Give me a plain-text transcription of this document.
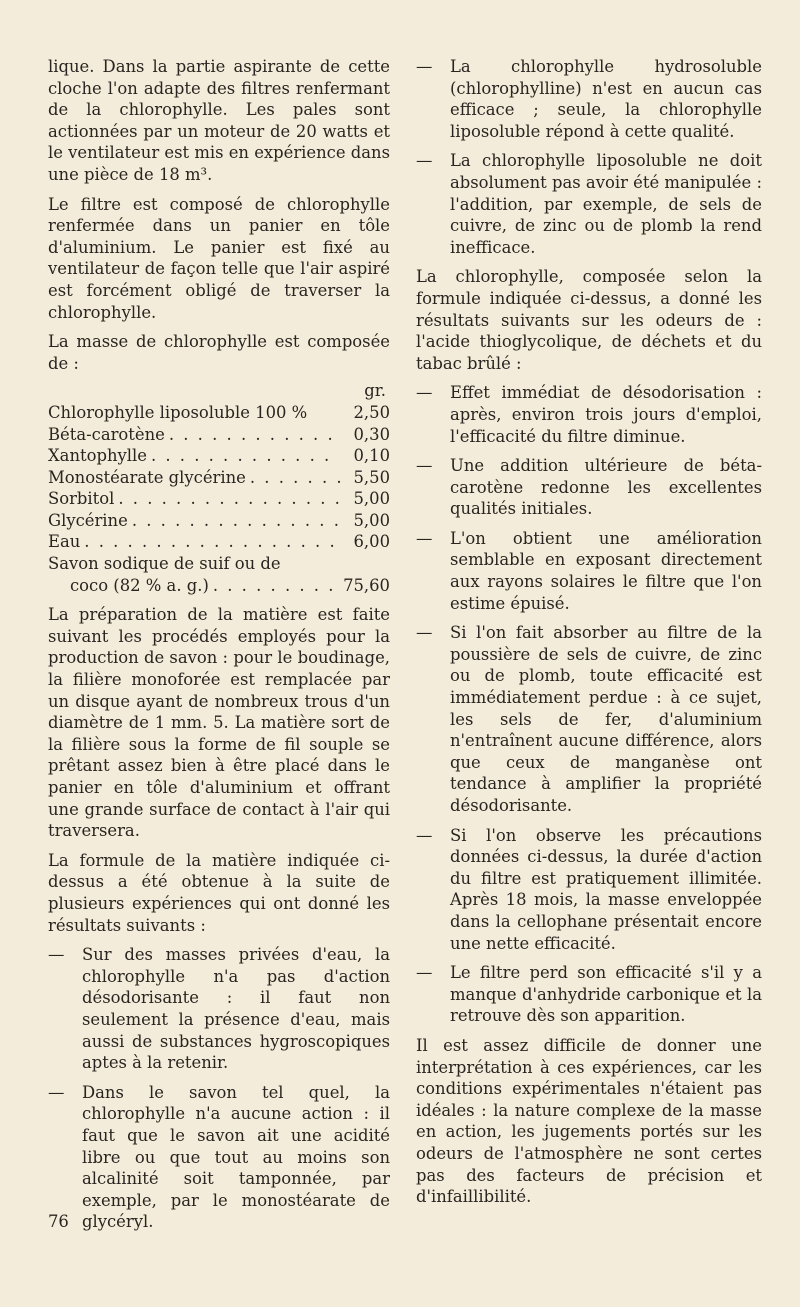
lique. Dans la partie aspirante de cette cloche l'on adapte des filtres renfermant de la chlorophylle. Les pales sont actionnées par un moteur de 20 watts et le ventilateur est mis en expérience dans une pièce de 18 m³.

Le filtre est composé de chlorophylle renfermée dans un panier en tôle d'aluminium. Le panier est fixé au ventilateur de façon telle que l'air aspiré est forcément obligé de traverser la chlorophylle.

La masse de chlorophylle est composée de :

gr.
Chlorophylle liposoluble 100 %	2,50
Béta-carotène . . .	0,30
Xantophylle . . .	0,10
Monostéarate glycérine . . .	5,50
Sorbitol . . .	5,00
Glycérine . . .	5,00
Eau . . .	6,00
Savon sodique de suif ou de
coco (82 % a. g.) . . .	75,60

La préparation de la matière est faite suivant les procédés employés pour la production de savon : pour le boudinage, la filière monoforée est remplacée par un disque ayant de nombreux trous d'un diamètre de 1 mm. 5. La matière sort de la filière sous la forme de fil souple se prêtant assez bien à être placé dans le panier en tôle d'aluminium et offrant une grande surface de contact à l'air qui traversera.

La formule de la matière indiquée ci-dessus a été obtenue à la suite de plusieurs expériences qui ont donné les résultats suivants :

— Sur des masses privées d'eau, la chlorophylle n'a pas d'action désodorisante : il faut non seulement la présence d'eau, mais aussi de substances hygroscopiques aptes à la retenir.
— Dans le savon tel quel, la chlorophylle n'a aucune action : il faut que le savon ait une acidité libre ou que tout au moins son alcalinité soit tamponnée, par exemple, par le monostéarate de glycéryl.
— La chlorophylle hydrosoluble (chlorophylline) n'est en aucun cas efficace ; seule, la chlorophylle liposoluble répond à cette qualité.
— La chlorophylle liposoluble ne doit absolument pas avoir été manipulée : l'addition, par exemple, de sels de cuivre, de zinc ou de plomb la rend inefficace.

La chlorophylle, composée selon la formule indiquée ci-dessus, a donné les résultats suivants sur les odeurs de : l'acide thioglycolique, de déchets et du tabac brûlé :

— Effet immédiat de désodorisation : après, environ trois jours d'emploi, l'efficacité du filtre diminue.
— Une addition ultérieure de béta-carotène redonne les excellentes qualités initiales.
— L'on obtient une amélioration semblable en exposant directement aux rayons solaires le filtre que l'on estime épuisé.
— Si l'on fait absorber au filtre de la poussière de sels de cuivre, de zinc ou de plomb, toute efficacité est immédiatement perdue : à ce sujet, les sels de fer, d'aluminium n'entraînent aucune différence, alors que ceux de manganèse ont tendance à amplifier la propriété désodorisante.
— Si l'on observe les précautions données ci-dessus, la durée d'action du filtre est pratiquement illimitée. Après 18 mois, la masse enveloppée dans la cellophane présentait encore une nette efficacité.
— Le filtre perd son efficacité s'il y a manque d'anhydride carbonique et la retrouve dès son apparition.

Il est assez difficile de donner une interprétation à ces expériences, car les conditions expérimentales n'étaient pas idéales : la nature complexe de la masse en action, les jugements portés sur les odeurs de l'atmosphère ne sont certes pas des facteurs de précision et d'infaillibilité.

76
